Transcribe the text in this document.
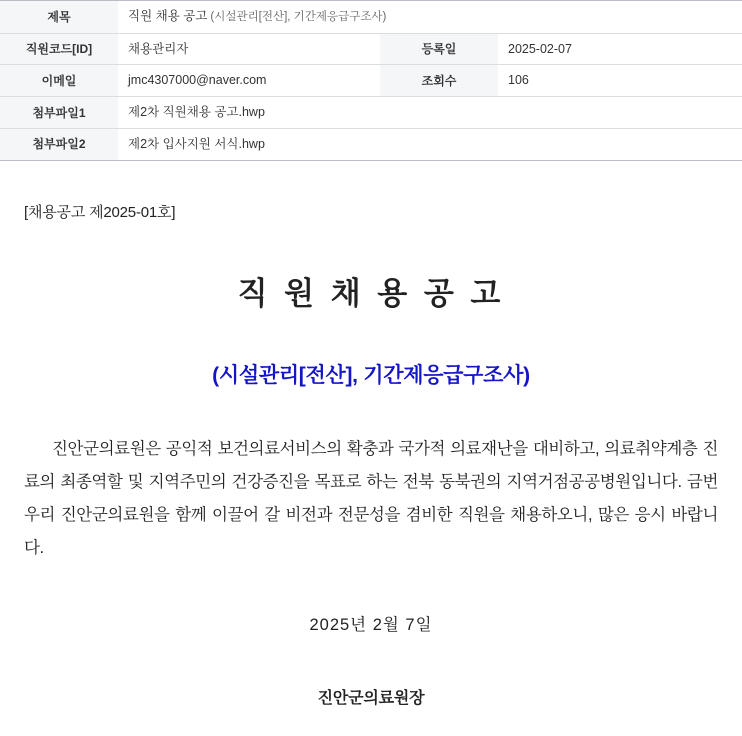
제목	직원 채용 공고 (시설관리[전산], 기간제응급구조사)		
직원코드[ID]	채용관리자	등록일	2025-02-07
이메일	jmc4307000@naver.com	조회수	106
첨부파일1	제2차 직원채용 공고.hwp		
첨부파일2	제2차 입사지원 서식.hwp		
[채용공고 제2025-01호]
직 원 채 용 공 고
(시설관리[전산], 기간제응급구조사)
진안군의료원은 공익적 보건의료서비스의 확충과 국가적 의료재난을 대비하고, 의료취약계층 진료의 최종역할 및 지역주민의 건강증진을 목표로 하는 전북 동북권의 지역거점공공병원입니다. 금번 우리 진안군의료원을 함께 이끌어 갈 비전과 전문성을 겸비한 직원을 채용하오니, 많은 응시 바랍니다.
2025년 2월 7일
진안군의료원장
